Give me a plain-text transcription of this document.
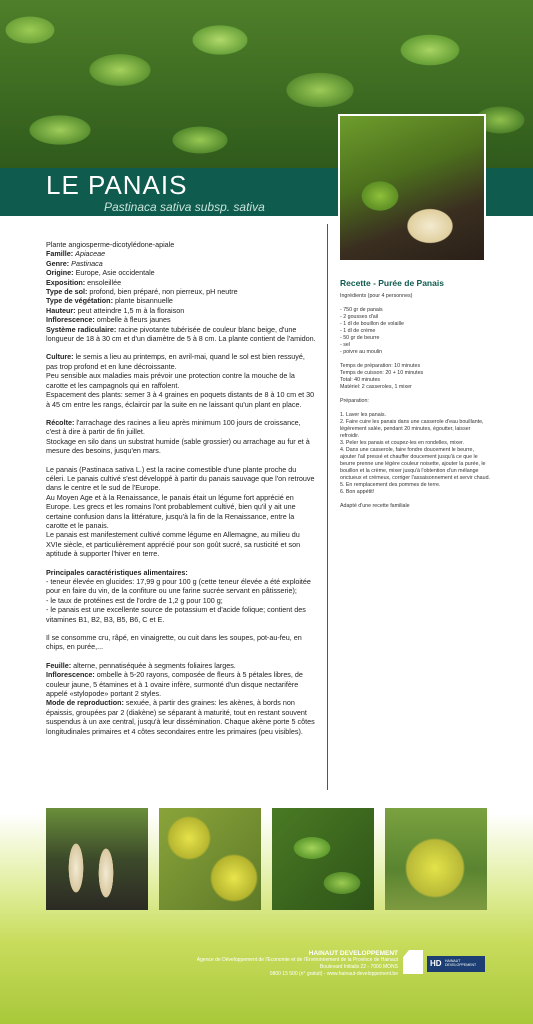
LE PANAIS
Pastinaca sativa subsp. sativa

Plante angiosperme-dicotylédone-apiale
Famille: Apiaceae
Genre: Pastinaca
Origine: Europe, Asie occidentale
Exposition: ensoleillée
Type de sol: profond, bien préparé, non pierreux, pH neutre
Type de végétation: plante bisannuelle
Hauteur: peut atteindre 1,5 m à la floraison
Inflorescence: ombelle à fleurs jaunes
Système radiculaire: racine pivotante tubérisée de couleur blanc beige, d'une longueur de 18 à 30 cm et d'un diamètre de 5 à 8 cm. La plante contient de l'amidon.

Culture: le semis a lieu au printemps, en avril-mai, quand le sol est bien ressuyé, pas trop profond et en lune décroissante.
Peu sensible aux maladies mais prévoir une protection contre la mouche de la carotte et les campagnols qui en raffolent.
Espacement des plants: semer 3 à 4 graines en poquets distants de 8 à 10 cm et 30 à 45 cm entre les rangs, éclaircir par la suite en ne laissant qu'un plant en place.

Récolte: l'arrachage des racines a lieu après minimum 100 jours de croissance, c'est à dire à partir de fin juillet.
Stockage en silo dans un substrat humide (sable grossier) ou arrachage au fur et à mesure des besoins, jusqu'en mars.

Le panais (Pastinaca sativa L.) est la racine comestible d'une plante proche du céleri. Le panais cultivé s'est développé à partir du panais sauvage que l'on retrouve dans le centre et le sud de l'Europe.
Au Moyen Age et à la Renaissance, le panais était un légume fort apprécié en Europe. Les grecs et les romains l'ont probablement cultivé, bien qu'il y ait une certaine confusion dans la littérature, jusqu'à la fin de la Renaissance, entre la carotte et le panais.
Le panais est manifestement cultivé comme légume en Allemagne, au milieu du XVIe siècle, et particulièrement apprécié pour son goût sucré, sa rusticité et son aptitude à supporter l'hiver en terre.

Principales caractéristiques alimentaires:
- teneur élevée en glucides: 17,99 g pour 100 g (cette teneur élevée a été exploitée pour en faire du vin, de la confiture ou une farine sucrée servant en pâtisserie);
- le taux de protéines est de l'ordre de 1,2 g pour 100 g;
- le panais est une excellente source de potassium et d'acide folique; contient des vitamines B1, B2, B3, B5, B6, C et E.

Il se consomme cru, râpé, en vinaigrette, ou cuit dans les soupes, pot-au-feu, en chips, en purée,...

Feuille: alterne, pennatiséquée à segments foliaires larges.
Inflorescence: ombelle à 5-20 rayons, composée de fleurs à 5 pétales libres, de couleur jaune, 5 étamines et à 1 ovaire infère, surmonté d'un disque nectarifère appelé «stylopode» portant 2 styles.
Mode de reproduction: sexuée, à partir des graines: les akènes, à bords non épaissis, groupées par 2 (diakène) se séparant à maturité, tout en restant souvent suspendus à un axe central, jusqu'à leur dissémination. Chaque akène porte 5 côtes longitudinales primaires et 4 côtes secondaires entre les primaires (peu visibles).

Recette - Purée de Panais

Ingrédients (pour 4 personnes)

- 750 gr de panais
- 2 gousses d'ail
- 1 dl de bouillon de volaille
- 1 dl de crème
- 50 gr de beurre
- sel
- poivre au moulin

Temps de préparation: 10 minutes
Temps de cuisson: 20 + 10 minutes
Total: 40 minutes
Matériel: 2 casseroles, 1 mixer

Préparation:

1. Laver les panais.
2. Faire cuire les panais dans une casserole d'eau bouillante, légèrement salée, pendant 20 minutes, égoutter, laisser refroidir.
3. Peler les panais et coupez-les en rondelles, mixer.
4. Dans une casserole, faire fondre doucement le beurre, ajouter l'ail pressé et chauffer doucement jusqu'à ce que le beurre prenne une légère couleur noisette, ajouter la purée, le bouillon et la crème, mixer jusqu'à l'obtention d'un mélange onctueux et crémeux, corriger l'assaisonnement et servir chaud.
5. En remplacement des pommes de terre.
6. Bon appétit!

Adapté d'une recette familiale

HAINAUT DEVELOPPEMENT
Agence de Développement de l'Economie et de l'Environnement de la Province de Hainaut
Boulevard Initialis 22 - 7000 MONS
0800 15 500 (n° gratuit) - www.hainaut-developpement.be
HD HAINAUT
DEVELOPPEMENT
